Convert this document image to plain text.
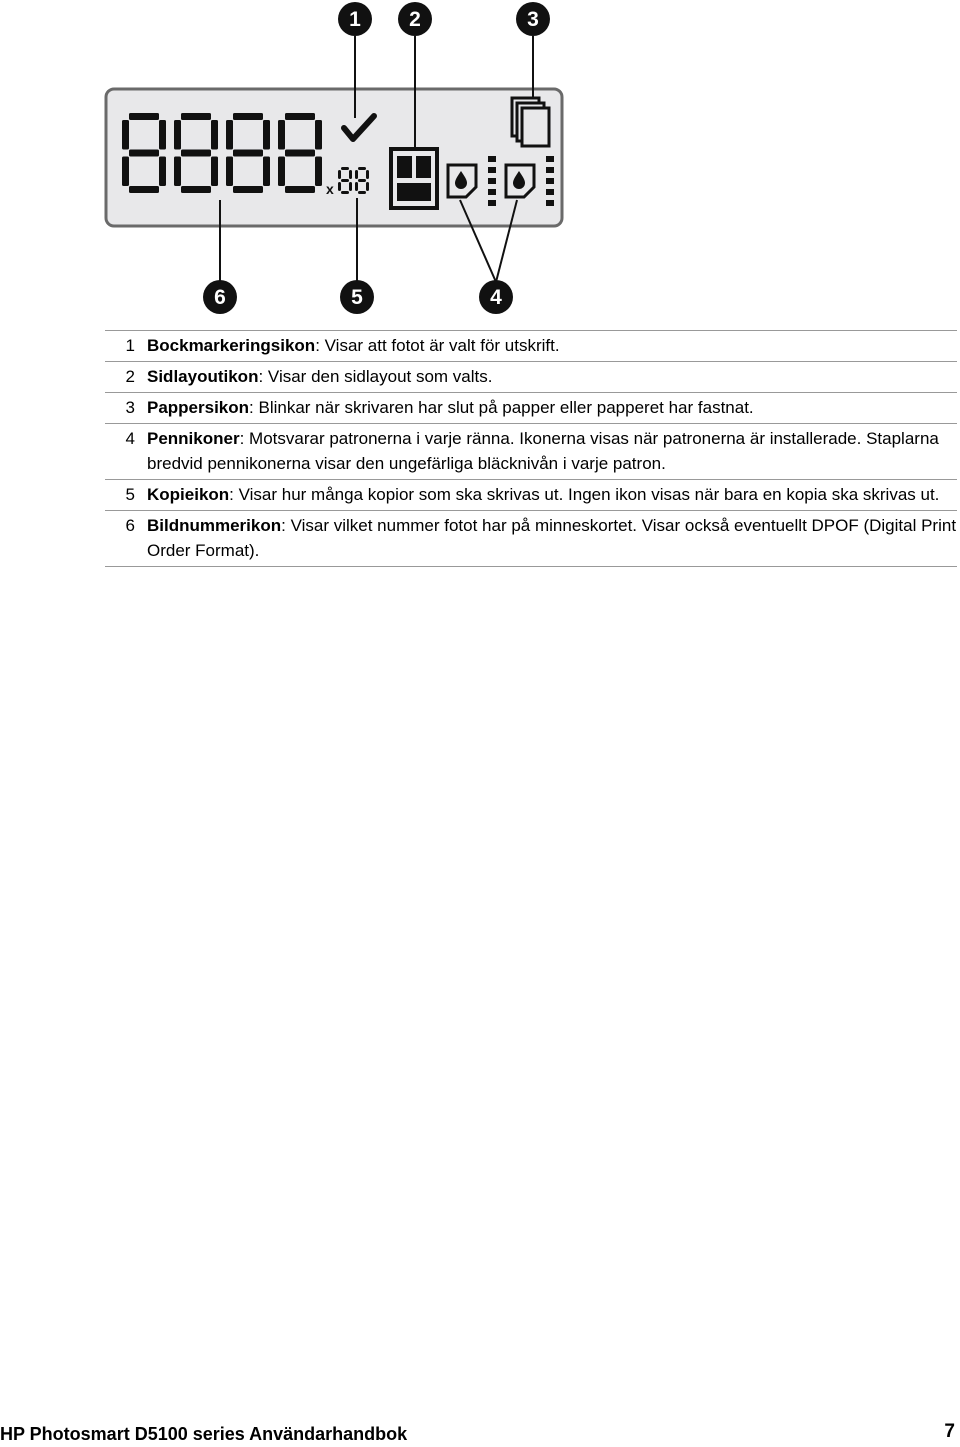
x
1 2	3
4
5
6
1	Bockmarkeringsikon: Visar att fotot är valt för utskrift.
2	Sidlayoutikon: Visar den sidlayout som valts.
3	Pappersikon: Blinkar när skrivaren har slut på papper eller papperet har fastnat.
4	Pennikoner: Motsvarar patronerna i varje ränna. Ikonerna visas när patronerna är installerade. Staplarna bredvid pennikonerna visar den ungefärliga bläcknivån i varje patron.
5	Kopieikon: Visar hur många kopior som ska skrivas ut. Ingen ikon visas när bara en kopia ska skrivas ut.
6	Bildnummerikon: Visar vilket nummer fotot har på minneskortet. Visar också eventuellt DPOF (Digital Print Order Format).
HP Photosmart D5100 series Användarhandbok	7
